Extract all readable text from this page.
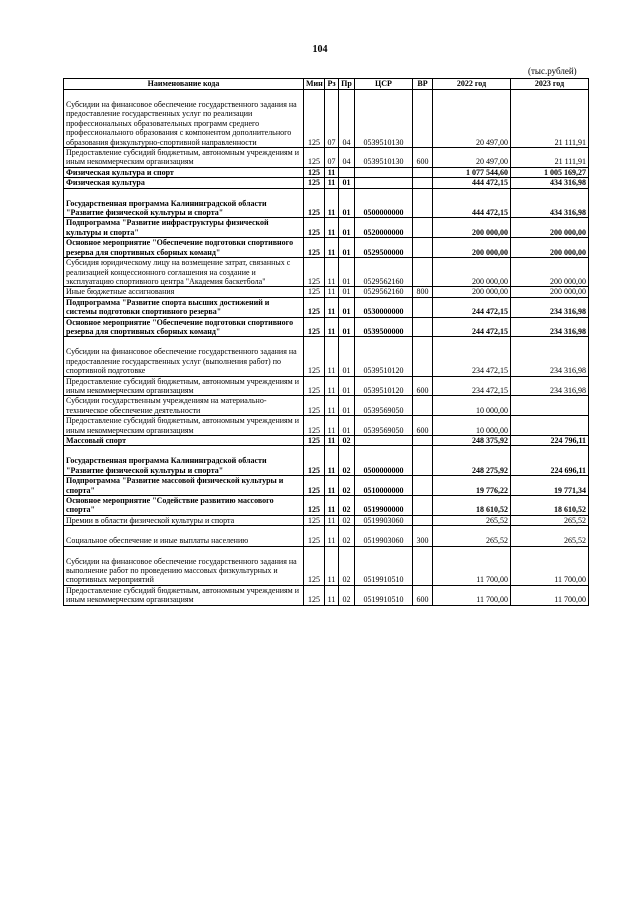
104
(тыс.рублей)
Наименование кода	Мин	Рз	Пр	ЦСР	ВР	2022 год	2023 год
Субсидии на финансовое обеспечение государственного задания на предоставление государственных услуг по реализации профессиональных образовательных программ среднего профессионального образования с компонентом дополнительного образования физкультурно-спортивной направленности	125	07	04	0539510130		20 497,00	21 111,91
Предоставление субсидий бюджетным, автономным учреждениям и иным некоммерческим организациям	125	07	04	0539510130	600	20 497,00	21 111,91
Физическая культура и спорт	125	11				1 077 544,60	1 005 169,27
Физическая культура	125	11	01			444 472,15	434 316,98
Государственная программа Калининградской области "Развитие физической культуры и спорта"	125	11	01	0500000000		444 472,15	434 316,98
Подпрограмма "Развитие инфраструктуры физической культуры и спорта"	125	11	01	0520000000		200 000,00	200 000,00
Основное мероприятие "Обеспечение подготовки спортивного резерва для спортивных сборных команд"	125	11	01	0529500000		200 000,00	200 000,00
Субсидия юридическому лицу на возмещение затрат, связанных с реализацией концессионного соглашения на создание и эксплуатацию спортивного центра "Академия баскетбола"	125	11	01	0529562160		200 000,00	200 000,00
Иные бюджетные ассигнования	125	11	01	0529562160	800	200 000,00	200 000,00
Подпрограмма "Развитие спорта высших достижений и системы подготовки спортивного резерва"	125	11	01	0530000000		244 472,15	234 316,98
Основное мероприятие "Обеспечение подготовки спортивного резерва для спортивных сборных команд"	125	11	01	0539500000		244 472,15	234 316,98
Субсидии на финансовое обеспечение государственного задания на предоставление государственных услуг (выполнения работ) по спортивной подготовке	125	11	01	0539510120		234 472,15	234 316,98
Предоставление субсидий бюджетным, автономным учреждениям и иным некоммерческим организациям	125	11	01	0539510120	600	234 472,15	234 316,98
Субсидии государственным учреждениям на материально-техническое обеспечение деятельности	125	11	01	0539569050		10 000,00	
Предоставление субсидий бюджетным, автономным учреждениям и иным некоммерческим организациям	125	11	01	0539569050	600	10 000,00	
Массовый спорт	125	11	02			248 375,92	224 796,11
Государственная программа Калининградской области "Развитие физической культуры и спорта"	125	11	02	0500000000		248 275,92	224 696,11
Подпрограмма "Развитие массовой физической культуры и спорта"	125	11	02	0510000000		19 776,22	19 771,34
Основное мероприятие "Содействие развитию массового спорта"	125	11	02	0519900000		18 610,52	18 610,52
Премии в области физической культуры и спорта	125	11	02	0519903060		265,52	265,52
Социальное обеспечение и иные выплаты населению	125	11	02	0519903060	300	265,52	265,52
Субсидии на финансовое обеспечение государственного задания на выполнение работ по проведению массовых физкультурных и спортивных мероприятий	125	11	02	0519910510		11 700,00	11 700,00
Предоставление субсидий бюджетным, автономным учреждениям и иным некоммерческим организациям	125	11	02	0519910510	600	11 700,00	11 700,00
